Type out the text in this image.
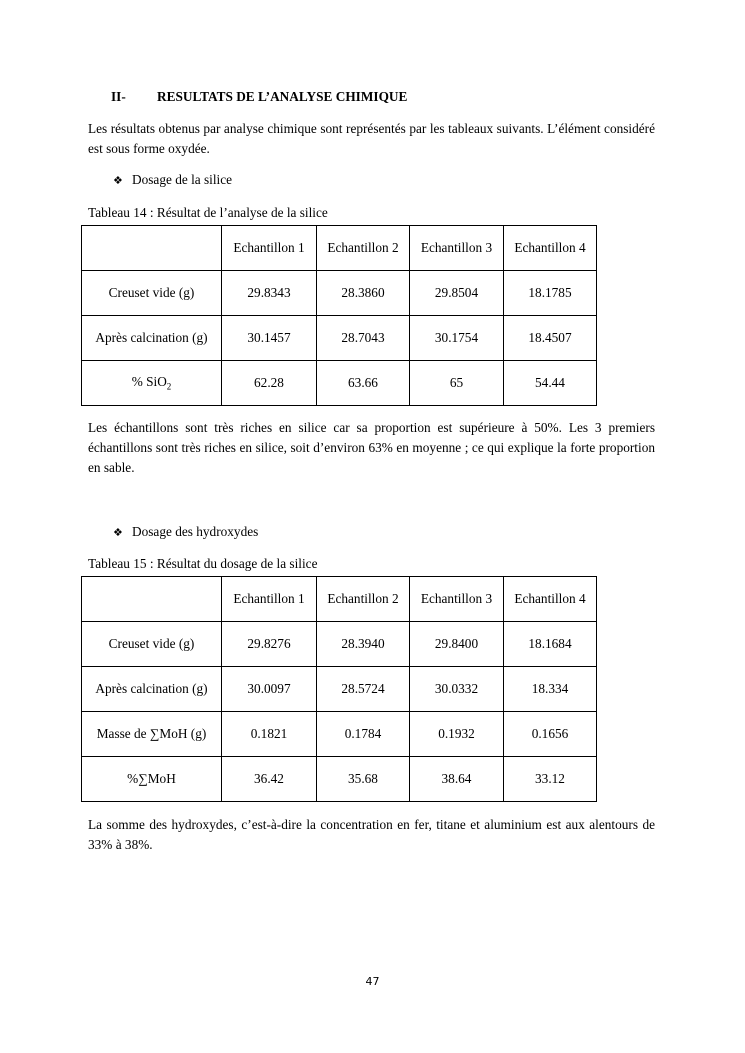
II- RESULTATS DE L’ANALYSE CHIMIQUE
Les résultats obtenus par analyse chimique sont représentés par les tableaux suivants. L’élément considéré est sous forme oxydée.
❖ Dosage de la silice
Tableau 14 : Résultat de l’analyse de la silice
	Echantillon 1	Echantillon 2	Echantillon 3	Echantillon 4
Creuset vide (g)	29.8343	28.3860	29.8504	18.1785
Après calcination (g)	30.1457	28.7043	30.1754	18.4507
% SiO$_2$	62.28	63.66	65	54.44
Les échantillons sont très riches en silice car sa proportion est supérieure à 50%. Les 3 premiers échantillons sont très riches en silice, soit d’environ 63% en moyenne ; ce qui explique la forte proportion en sable.
❖ Dosage des hydroxydes
Tableau 15 : Résultat du dosage de la silice
	Echantillon 1	Echantillon 2	Echantillon 3	Echantillon 4
Creuset vide (g)	29.8276	28.3940	29.8400	18.1684
Après calcination (g)	30.0097	28.5724	30.0332	18.334
Masse de ∑MoH (g)	0.1821	0.1784	0.1932	0.1656
%∑MoH	36.42	35.68	38.64	33.12
La somme des hydroxydes, c’est-à-dire la concentration en fer, titane et aluminium est aux alentours de 33% à 38%.
47
